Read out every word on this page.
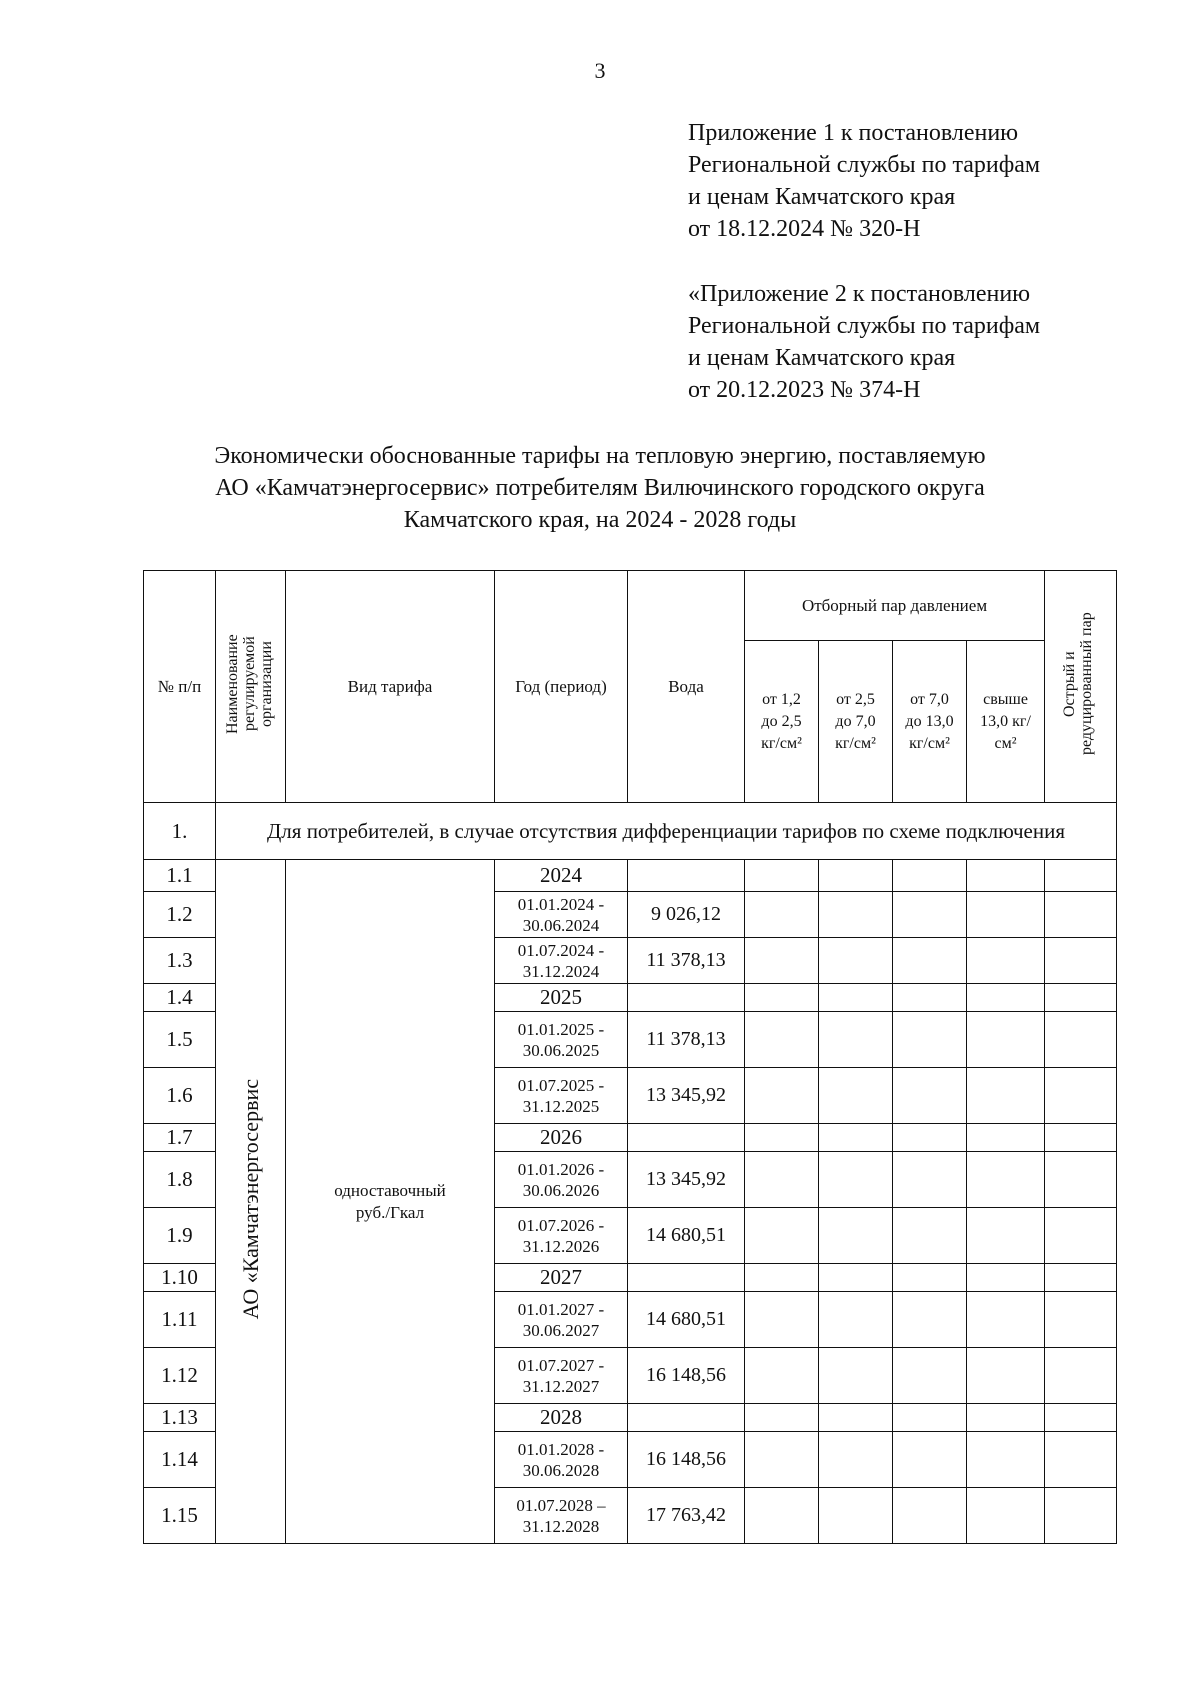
3
Приложение 1 к постановлению
Региональной службы по тарифам
и ценам Камчатского края
от 18.12.2024 № 320-Н
«Приложение 2 к постановлению
Региональной службы по тарифам
и ценам Камчатского края
от 20.12.2023 № 374-Н
Экономически обоснованные тарифы на тепловую энергию, поставляемую
АО «Камчатэнергосервис» потребителям Вилючинского городского округа
Камчатского края, на 2024 - 2028 годы
№ п/п	Наименование регулируемой организации	Вид тарифа	Год (период)	Вода	Отборный пар давлением				Острый и редуцированный пар
					от 1,2 до 2,5 кг/см²	от 2,5 до 7,0 кг/см²	от 7,0 до 13,0 кг/см²	свыше 13,0 кг/см²	
1.	Для потребителей, в случае отсутствия дифференциации тарифов по схеме подключения								
1.1	АО «Камчатэнергосервис	одноставочный руб./Гкал	2024						
1.2			01.01.2024 - 30.06.2024	9 026,12					
1.3			01.07.2024 - 31.12.2024	11 378,13					
1.4			2025						
1.5			01.01.2025 - 30.06.2025	11 378,13					
1.6			01.07.2025 - 31.12.2025	13 345,92					
1.7			2026						
1.8			01.01.2026 - 30.06.2026	13 345,92					
1.9			01.07.2026 - 31.12.2026	14 680,51					
1.10			2027						
1.11			01.01.2027 - 30.06.2027	14 680,51					
1.12			01.07.2027 - 31.12.2027	16 148,56					
1.13			2028						
1.14			01.01.2028 - 30.06.2028	16 148,56					
1.15			01.07.2028 – 31.12.2028	17 763,42					
